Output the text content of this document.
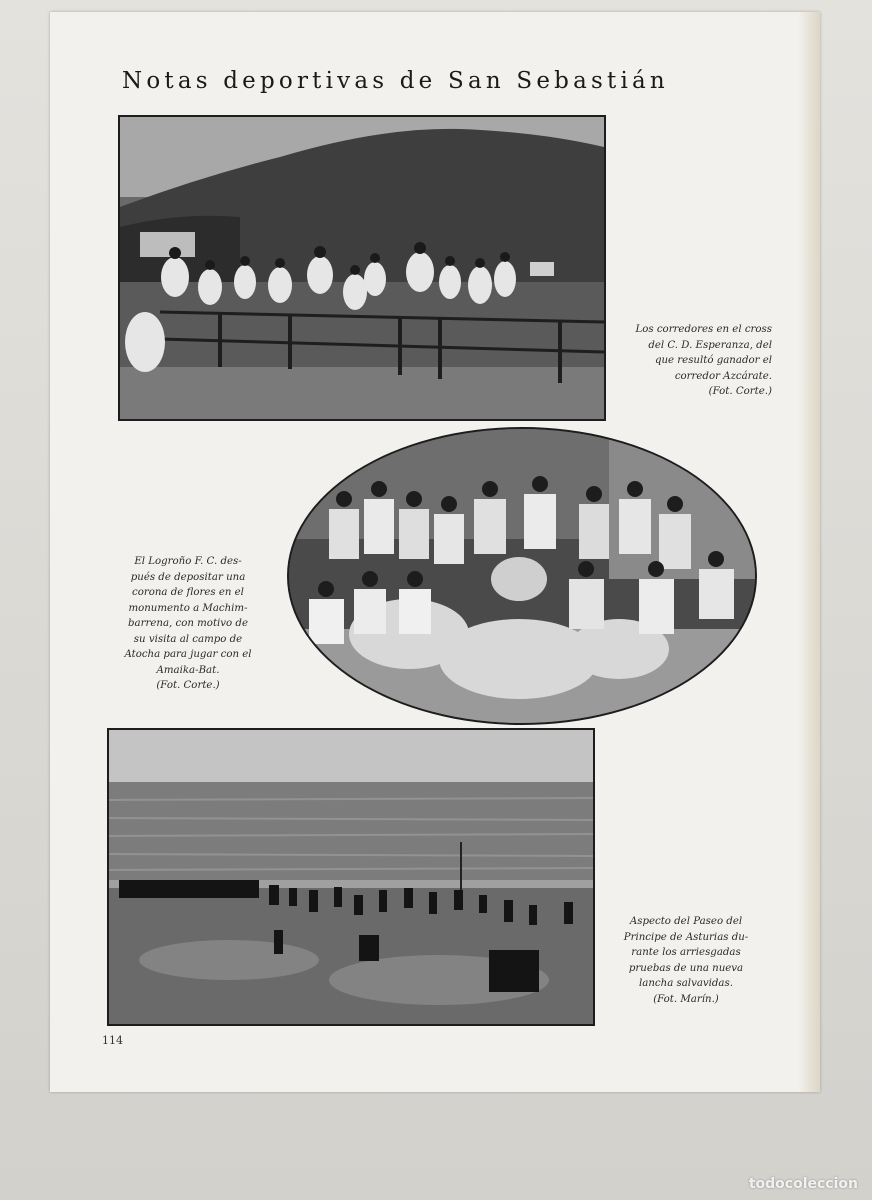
Notas deportivas de San Sebastián
Los corredores en el cross
del C. D. Esperanza, del
que resultó ganador el
corredor Azcárate.
(Fot. Corte.)
El Logroño F. C. des-
pués de depositar una
corona de flores en el
monumento a Machim-
barrena, con motivo de
su visita al campo de
Atocha para jugar con el
Amaika-Bat.
(Fot. Corte.)
Aspecto del Paseo del
Principe de Asturias du-
rante los arriesgadas
pruebas de una nueva
lancha salvavidas.
(Fot. Marín.)
114
todocoleccion
